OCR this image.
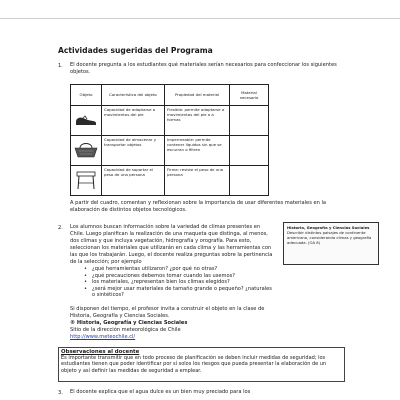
Actividades sugeridas del Programa
1. El docente pregunta a los estudiantes qué materiales serían necesarios para confeccionar los siguientes objetos.
Objeto	Característica del objeto	Propiedad del material	Material necesario
	Capacidad de adaptarse a movimientos del pie	Flexible: permite adaptarse a movimientos del pie o a formas	
	Capacidad de almacenar y transportar objetos	Impermeable: permite contener líquidos sin que se escurran o filtren	
	Capacidad de soportar el peso de una persona	Firme: resiste el peso de una persona	
A partir del cuadro, comentan y reflexionan sobre la importancia de usar diferentes materiales en la elaboración de distintos objetos tecnológicos.
2. Los alumnos buscan información sobre la variedad de climas presentes en Chile. Luego planifican la realización de una maqueta que distinga, al menos, dos climas y que incluya vegetación, hidrografía y orografía. Para esto, seleccionan los materiales que utilizarán en cada clima y las herramientas con las que los trabajarán. Luego, el docente realiza preguntas sobre la pertinencia de la selección; por ejemplo
• ¿qué herramientas utilizaron? ¿por qué no otras?
• ¿qué precauciones debemos tomar cuando las usemos?
• los materiales, ¿representan bien los climas elegidos?
• ¿será mejor usar materiales de tamaño grande o pequeño? ¿naturales o sintéticos?
Si disponen del tiempo, el profesor invita a construir el objeto en la clase de Historia, Geografía y Ciencias Sociales.
® Historia, Geografía y Ciencias Sociales
Sitio de la dirección meteorológica de Chile
http://www.meteochile.cl/
Historia, Geografía y Ciencias Sociales
Describir distintos paisajes de continente americano, considerando climas y geografía adecuada. (OA 8)
Observaciones al docente
Es importante transmitir que en todo proceso de planificación se deben incluir medidas de seguridad; los estudiantes tienen que poder identificar por sí solos los riesgos que pueda presentar la elaboración de un objeto y así definir las medidas de seguridad a emplear.
3. El docente explica que el agua dulce es un bien muy preciado para los
